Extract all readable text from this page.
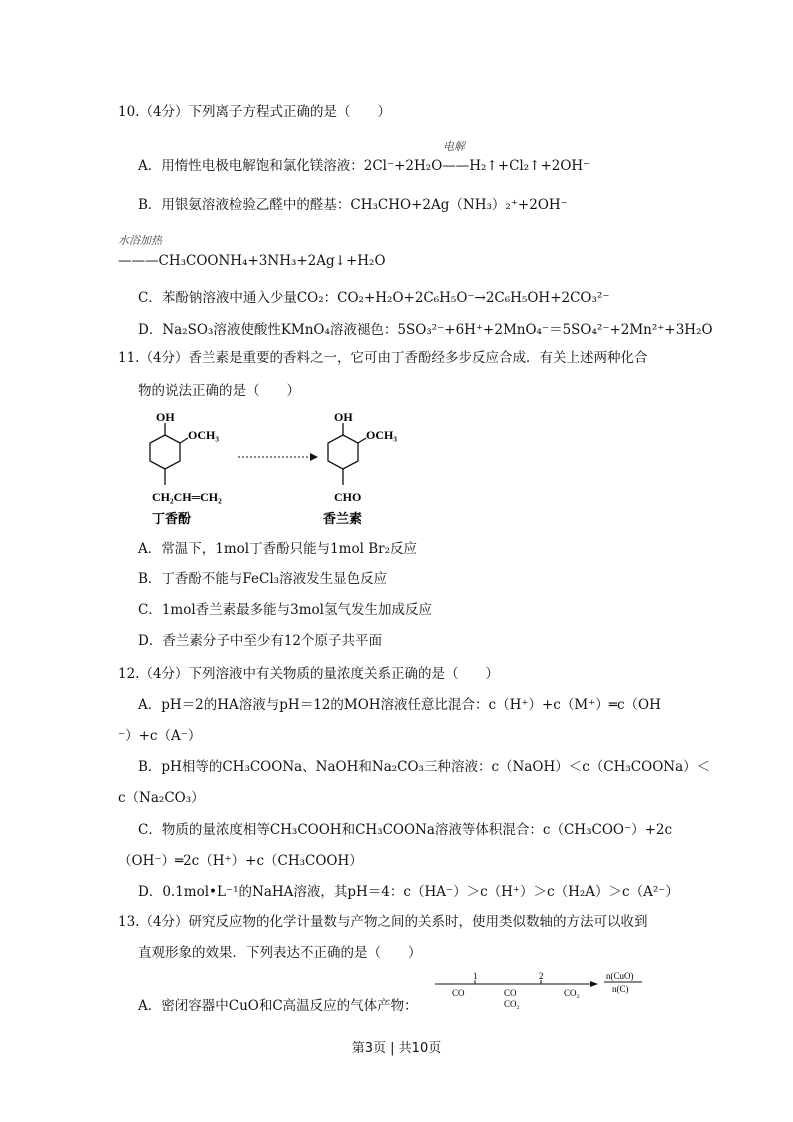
10.（4分）下列离子方程式正确的是（　　）
电解
A．用惰性电极电解饱和氯化镁溶液：2Cl⁻+2H₂O——H₂↑+Cl₂↑+2OH⁻
B．用银氨溶液检验乙醛中的醛基：CH₃CHO+2Ag（NH₃）₂⁺+2OH⁻
水浴加热
———CH₃COONH₄+3NH₃+2Ag↓+H₂O
C．苯酚钠溶液中通入少量CO₂：CO₂+H₂O+2C₆H₅O⁻→2C₆H₅OH+2CO₃²⁻
D．Na₂SO₃溶液使酸性KMnO₄溶液褪色：5SO₃²⁻+6H⁺+2MnO₄⁻＝5SO₄²⁻+2Mn²⁺+3H₂O
11.（4分）香兰素是重要的香料之一，它可由丁香酚经多步反应合成．有关上述两种化合
物的说法正确的是（　　）
OH
OCH₃
CH₂CH═CH₂
丁香酚
OH
OCH₃
CHO
香兰素
A．常温下，1mol丁香酚只能与1mol Br₂反应
B．丁香酚不能与FeCl₃溶液发生显色反应
C．1mol香兰素最多能与3mol氢气发生加成反应
D．香兰素分子中至少有12个原子共平面
12.（4分）下列溶液中有关物质的量浓度关系正确的是（　　）
A．pH＝2的HA溶液与pH＝12的MOH溶液任意比混合：c（H⁺）+c（M⁺）═c（OH
⁻）+c（A⁻）
B．pH相等的CH₃COONa、NaOH和Na₂CO₃三种溶液：c（NaOH）＜c（CH₃COONa）＜
c（Na₂CO₃）
C．物质的量浓度相等CH₃COOH和CH₃COONa溶液等体积混合：c（CH₃COO⁻）+2c
（OH⁻）═2c（H⁺）+c（CH₃COOH）
D．0.1mol•L⁻¹的NaHA溶液，其pH＝4：c（HA⁻）＞c（H⁺）＞c（H₂A）＞c（A²⁻）
13.（4分）研究反应物的化学计量数与产物之间的关系时，使用类似数轴的方法可以收到
直观形象的效果．下列表达不正确的是（　　）
A．密闭容器中CuO和C高温反应的气体产物：
1	2
CO	CO
CO₂
CO₂
n(CuO)
n(C)
第3页 | 共10页
